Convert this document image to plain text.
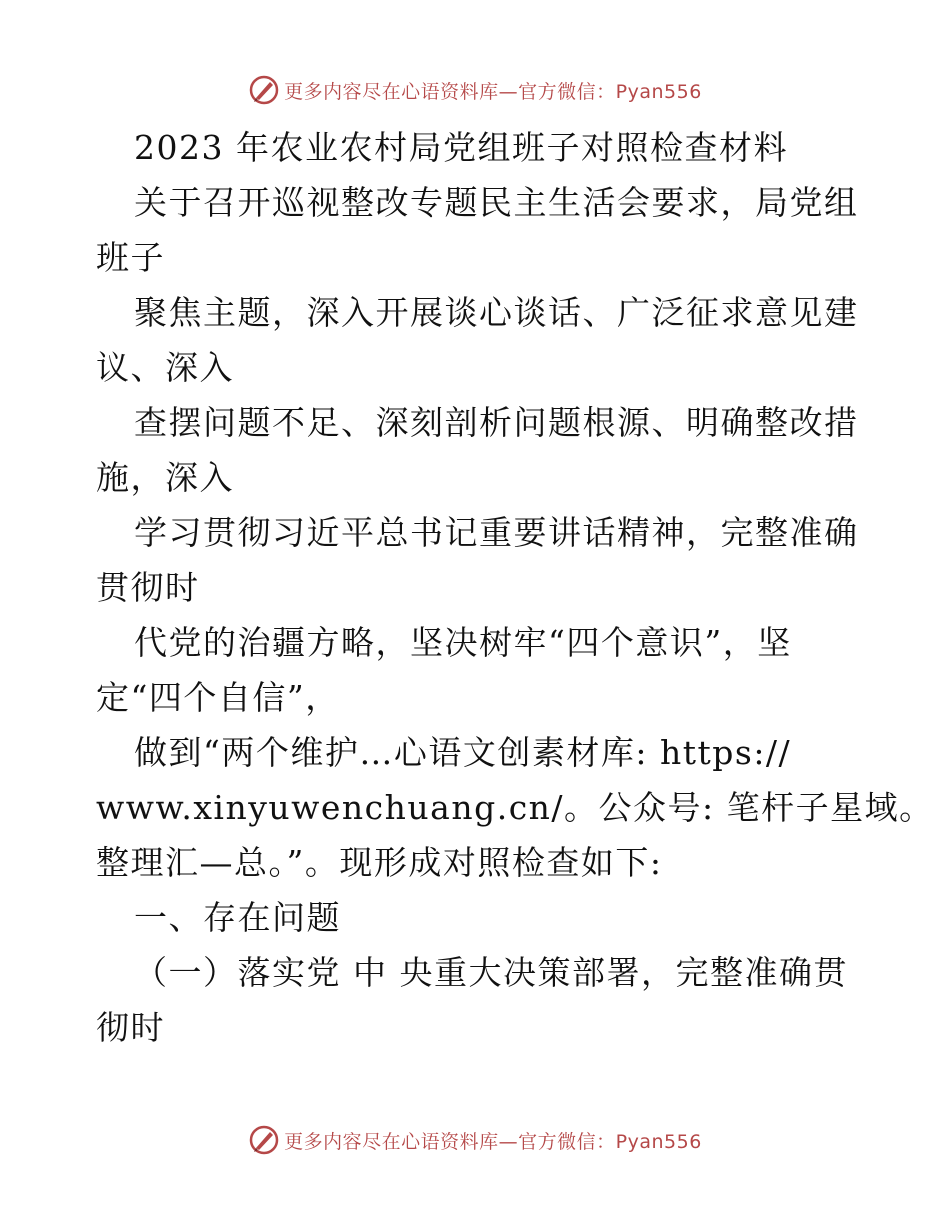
更多内容尽在心语资料库—官方微信：Pyan556
2023 年农业农村局党组班子对照检查材料
关于召开巡视整改专题民主生活会要求，局党组
班子
聚焦主题，深入开展谈心谈话、广泛征求意见建
议、深入
查摆问题不足、深刻剖析问题根源、明确整改措
施，深入
学习贯彻习近平总书记重要讲话精神，完整准确
贯彻时
代党的治疆方略，坚决树牢“四个意识”，坚
定“四个自信”，
做到“两个维护…心语文创素材库: https://
www.xinyuwenchuang.cn/。公众号: 笔杆子星域。
整理汇—总。”。现形成对照检查如下:
一、存在问题
（一）落实党 中 央重大决策部署，完整准确贯
彻时
更多内容尽在心语资料库—官方微信：Pyan556
